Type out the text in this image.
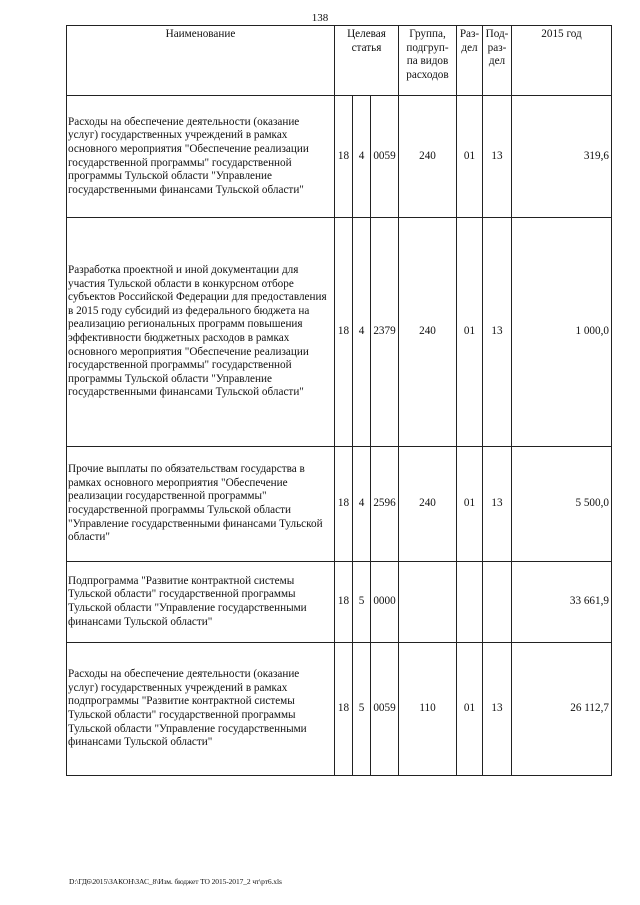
138
Наименование	Целевая статья			Группа, подгруп-па видов расходов	Раз-дел	Под-раз-дел	2015 год
Расходы на обеспечение деятельности (оказание услуг) государственных учреждений в рамках основного мероприятия "Обеспечение реализации государственной программы" государственной программы Тульской области "Управление государственными финансами Тульской области"	18	4	0059	240	01	13	319,6
Разработка проектной и иной документации для участия Тульской области в конкурсном отборе субъектов Российской Федерации для предоставления в 2015 году субсидий из федерального бюджета на реализацию региональных программ повышения эффективности бюджетных расходов в рамках основного мероприятия "Обеспечение реализации государственной программы" государственной программы Тульской области "Управление государственными финансами Тульской области"	18	4	2379	240	01	13	1 000,0
Прочие выплаты по обязательствам государства в рамках основного мероприятия "Обеспечение реализации государственной программы" государственной программы Тульской области "Управление государственными финансами Тульской области"	18	4	2596	240	01	13	5 500,0
Подпрограмма "Развитие контрактной системы Тульской области" государственной программы Тульской области "Управление государственными финансами Тульской области"	18	5	0000				33 661,9
Расходы на обеспечение деятельности (оказание услуг) государственных учреждений в рамках подпрограммы "Развитие контрактной системы Тульской области" государственной программы Тульской области "Управление государственными финансами Тульской области"	18	5	0059	110	01	13	26 112,7
D:\ГД6\2015\ЗАКОН\ЗАС_8\Изм. бюджет ТО 2015-2017_2 чт\рт6.xls
